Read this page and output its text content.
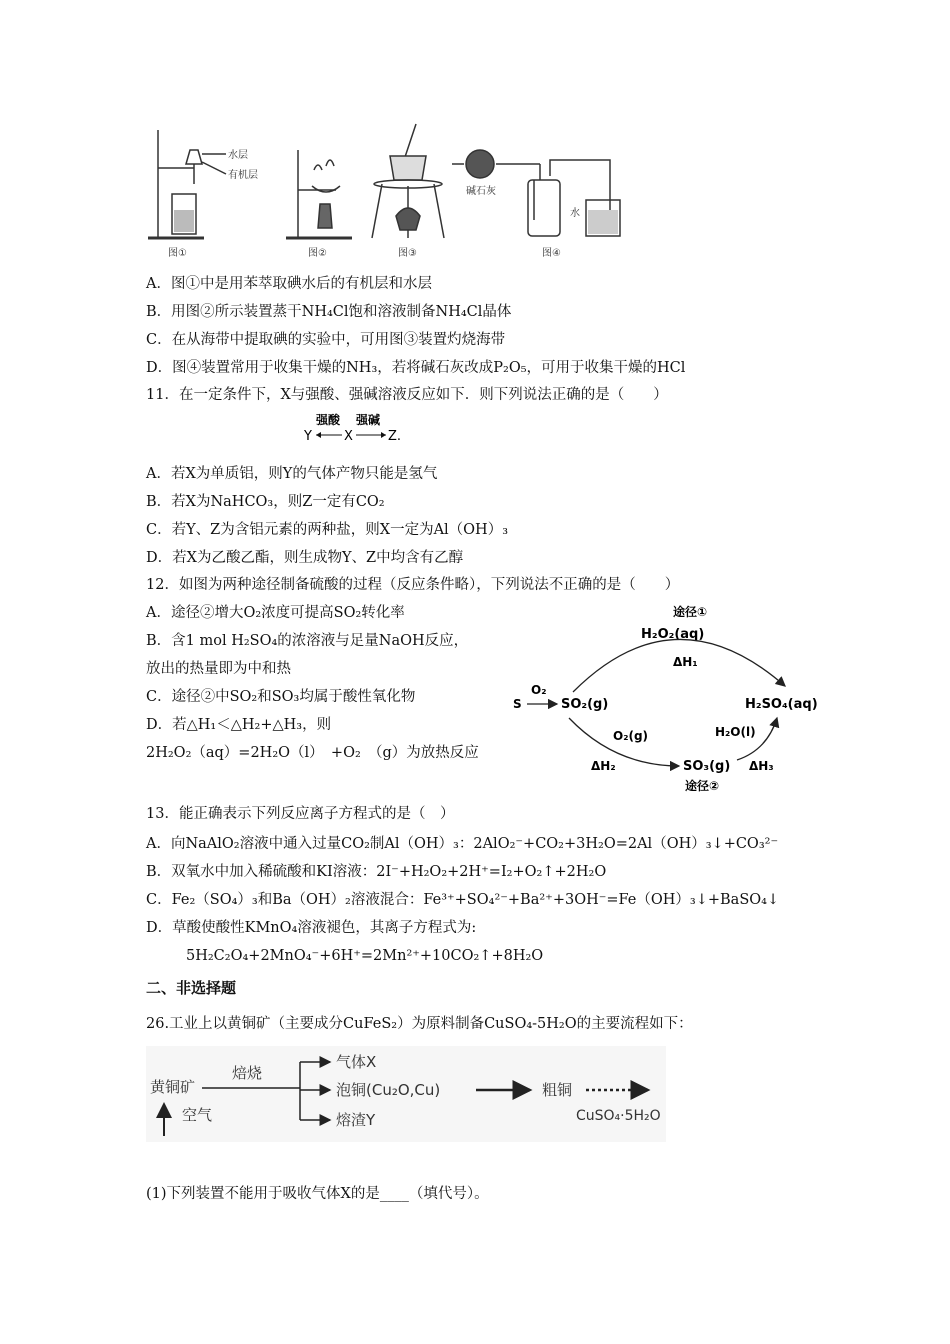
水层
有机层
图①	图②	图③
碱石灰
水
图④
A．图①中是用苯萃取碘水后的有机层和水层
B．用图②所示装置蒸干NH₄Cl饱和溶液制备NH₄Cl晶体
C．在从海带中提取碘的实验中，可用图③装置灼烧海带
D．图④装置常用于收集干燥的NH₃，若将碱石灰改成P₂O₅，可用于收集干燥的HCl
11．在一定条件下，X与强酸、强碱溶液反应如下．则下列说法正确的是（　　）
Y
强酸
X
强碱
Z.
A．若X为单质铝，则Y的气体产物只能是氢气
B．若X为NaHCO₃，则Z一定有CO₂
C．若Y、Z为含铝元素的两种盐，则X一定为Al（OH）₃
D．若X为乙酸乙酯，则生成物Y、Z中均含有乙醇
12．如图为两种途径制备硫酸的过程（反应条件略），下列说法不正确的是（　　）
A．途径②增大O₂浓度可提高SO₂转化率
B．含1 mol H₂SO₄的浓溶液与足量NaOH反应，
放出的热量即为中和热
C．途径②中SO₂和SO₃均属于酸性氧化物
D．若△H₁＜△H₂+△H₃，则
2H₂O₂（aq）=2H₂O（l）　+O₂　（g）为放热反应
途径①
H₂O₂(aq)
ΔH₁
S
O₂
SO₂(g)	H₂SO₄(aq)
O₂(g)	H₂O(l)
ΔH₂	SO₃(g) ΔH₃
途径②
13．能正确表示下列反应离子方程式的是（　）
A．向NaAlO₂溶液中通入过量CO₂制Al（OH）₃：2AlO₂⁻+CO₂+3H₂O=2Al（OH）₃↓+CO₃²⁻
B．双氧水中加入稀硫酸和KI溶液：2I⁻+H₂O₂+2H⁺=I₂+O₂↑+2H₂O
C．Fe₂（SO₄）₃和Ba（OH）₂溶液混合：Fe³⁺+SO₄²⁻+Ba²⁺+3OH⁻=Fe（OH）₃↓+BaSO₄↓
D．草酸使酸性KMnO₄溶液褪色，其离子方程式为:
5H₂C₂O₄+2MnO₄⁻+6H⁺=2Mn²⁺+10CO₂↑+8H₂O
二、非选择题
26.工业上以黄铜矿（主要成分CuFeS₂）为原料制备CuSO₄-5H₂O的主要流程如下：
黄铜矿
空气
焙烧
气体X
泡铜(Cu₂O,Cu)
熔渣Y
粗铜
CuSO₄·5H₂O
(1)下列装置不能用于吸收气体X的是____（填代号）。
